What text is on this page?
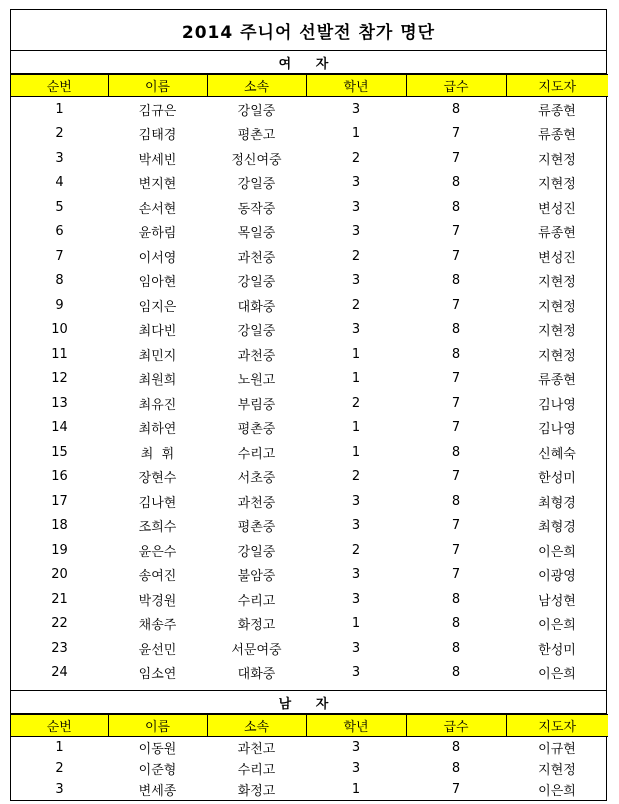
2014 주니어 선발전 참가 명단
여 자
순번	이름	소속	학년	급수	지도자
1	김규은	강일중	3	8	류종현
2	김태경	평촌고	1	7	류종현
3	박세빈	정신여중	2	7	지현정
4	변지현	강일중	3	8	지현정
5	손서현	동작중	3	8	변성진
6	윤하림	목일중	3	7	류종현
7	이서영	과천중	2	7	변성진
8	임아현	강일중	3	8	지현정
9	임지은	대화중	2	7	지현정
10	최다빈	강일중	3	8	지현정
11	최민지	과천중	1	8	지현정
12	최원희	노원고	1	7	류종현
13	최유진	부림중	2	7	김나영
14	최하연	평촌중	1	7	김나영
15	최  휘	수리고	1	8	신혜숙
16	장현수	서초중	2	7	한성미
17	김나현	과천중	3	8	최형경
18	조희수	평촌중	3	7	최형경
19	윤은수	강일중	2	7	이은희
20	송여진	불암중	3	7	이광영
21	박경원	수리고	3	8	남성현
22	채송주	화정고	1	8	이은희
23	윤선민	서문여중	3	8	한성미
24	임소연	대화중	3	8	이은희
남 자
순번	이름	소속	학년	급수	지도자
1	이동원	과천고	3	8	이규현
2	이준형	수리고	3	8	지현정
3	변세종	화정고	1	7	이은희
